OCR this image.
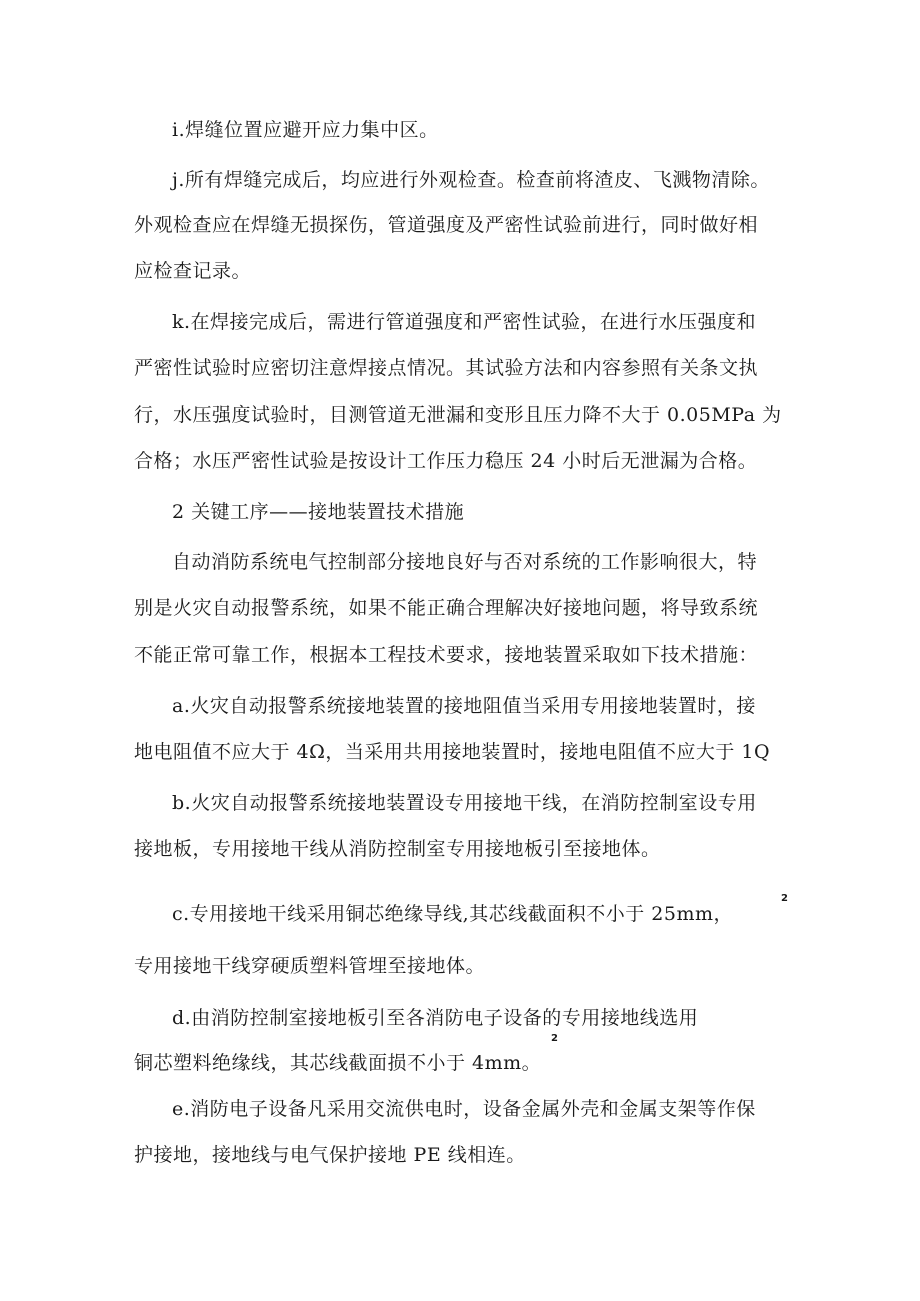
i.焊缝位置应避开应力集中区。
j.所有焊缝完成后，均应进行外观检查。检查前将渣皮、飞溅物清除。
外观检查应在焊缝无损探伤，管道强度及严密性试验前进行，同时做好相
应检查记录。
k.在焊接完成后，需进行管道强度和严密性试验，在进行水压强度和
严密性试验时应密切注意焊接点情况。其试验方法和内容参照有关条文执
行，水压强度试验时，目测管道无泄漏和变形且压力降不大于 0.05MPa 为
合格；水压严密性试验是按设计工作压力稳压 24 小时后无泄漏为合格。
2 关键工序——接地装置技术措施
自动消防系统电气控制部分接地良好与否对系统的工作影响很大，特
别是火灾自动报警系统，如果不能正确合理解决好接地问题，将导致系统
不能正常可靠工作，根据本工程技术要求，接地装置采取如下技术措施：
a.火灾自动报警系统接地装置的接地阻值当采用专用接地装置时，接
地电阻值不应大于 4Ω，当采用共用接地装置时，接地电阻值不应大于 1Q
b.火灾自动报警系统接地装置设专用接地干线，在消防控制室设专用
接地板，专用接地干线从消防控制室专用接地板引至接地体。
2
c.专用接地干线采用铜芯绝缘导线,其芯线截面积不小于 25mm，
专用接地干线穿硬质塑料管埋至接地体。
d.由消防控制室接地板引至各消防电子设备的专用接地线选用
2
铜芯塑料绝缘线，其芯线截面损不小于 4mm。
e.消防电子设备凡采用交流供电时，设备金属外壳和金属支架等作保
护接地，接地线与电气保护接地 PE 线相连。
